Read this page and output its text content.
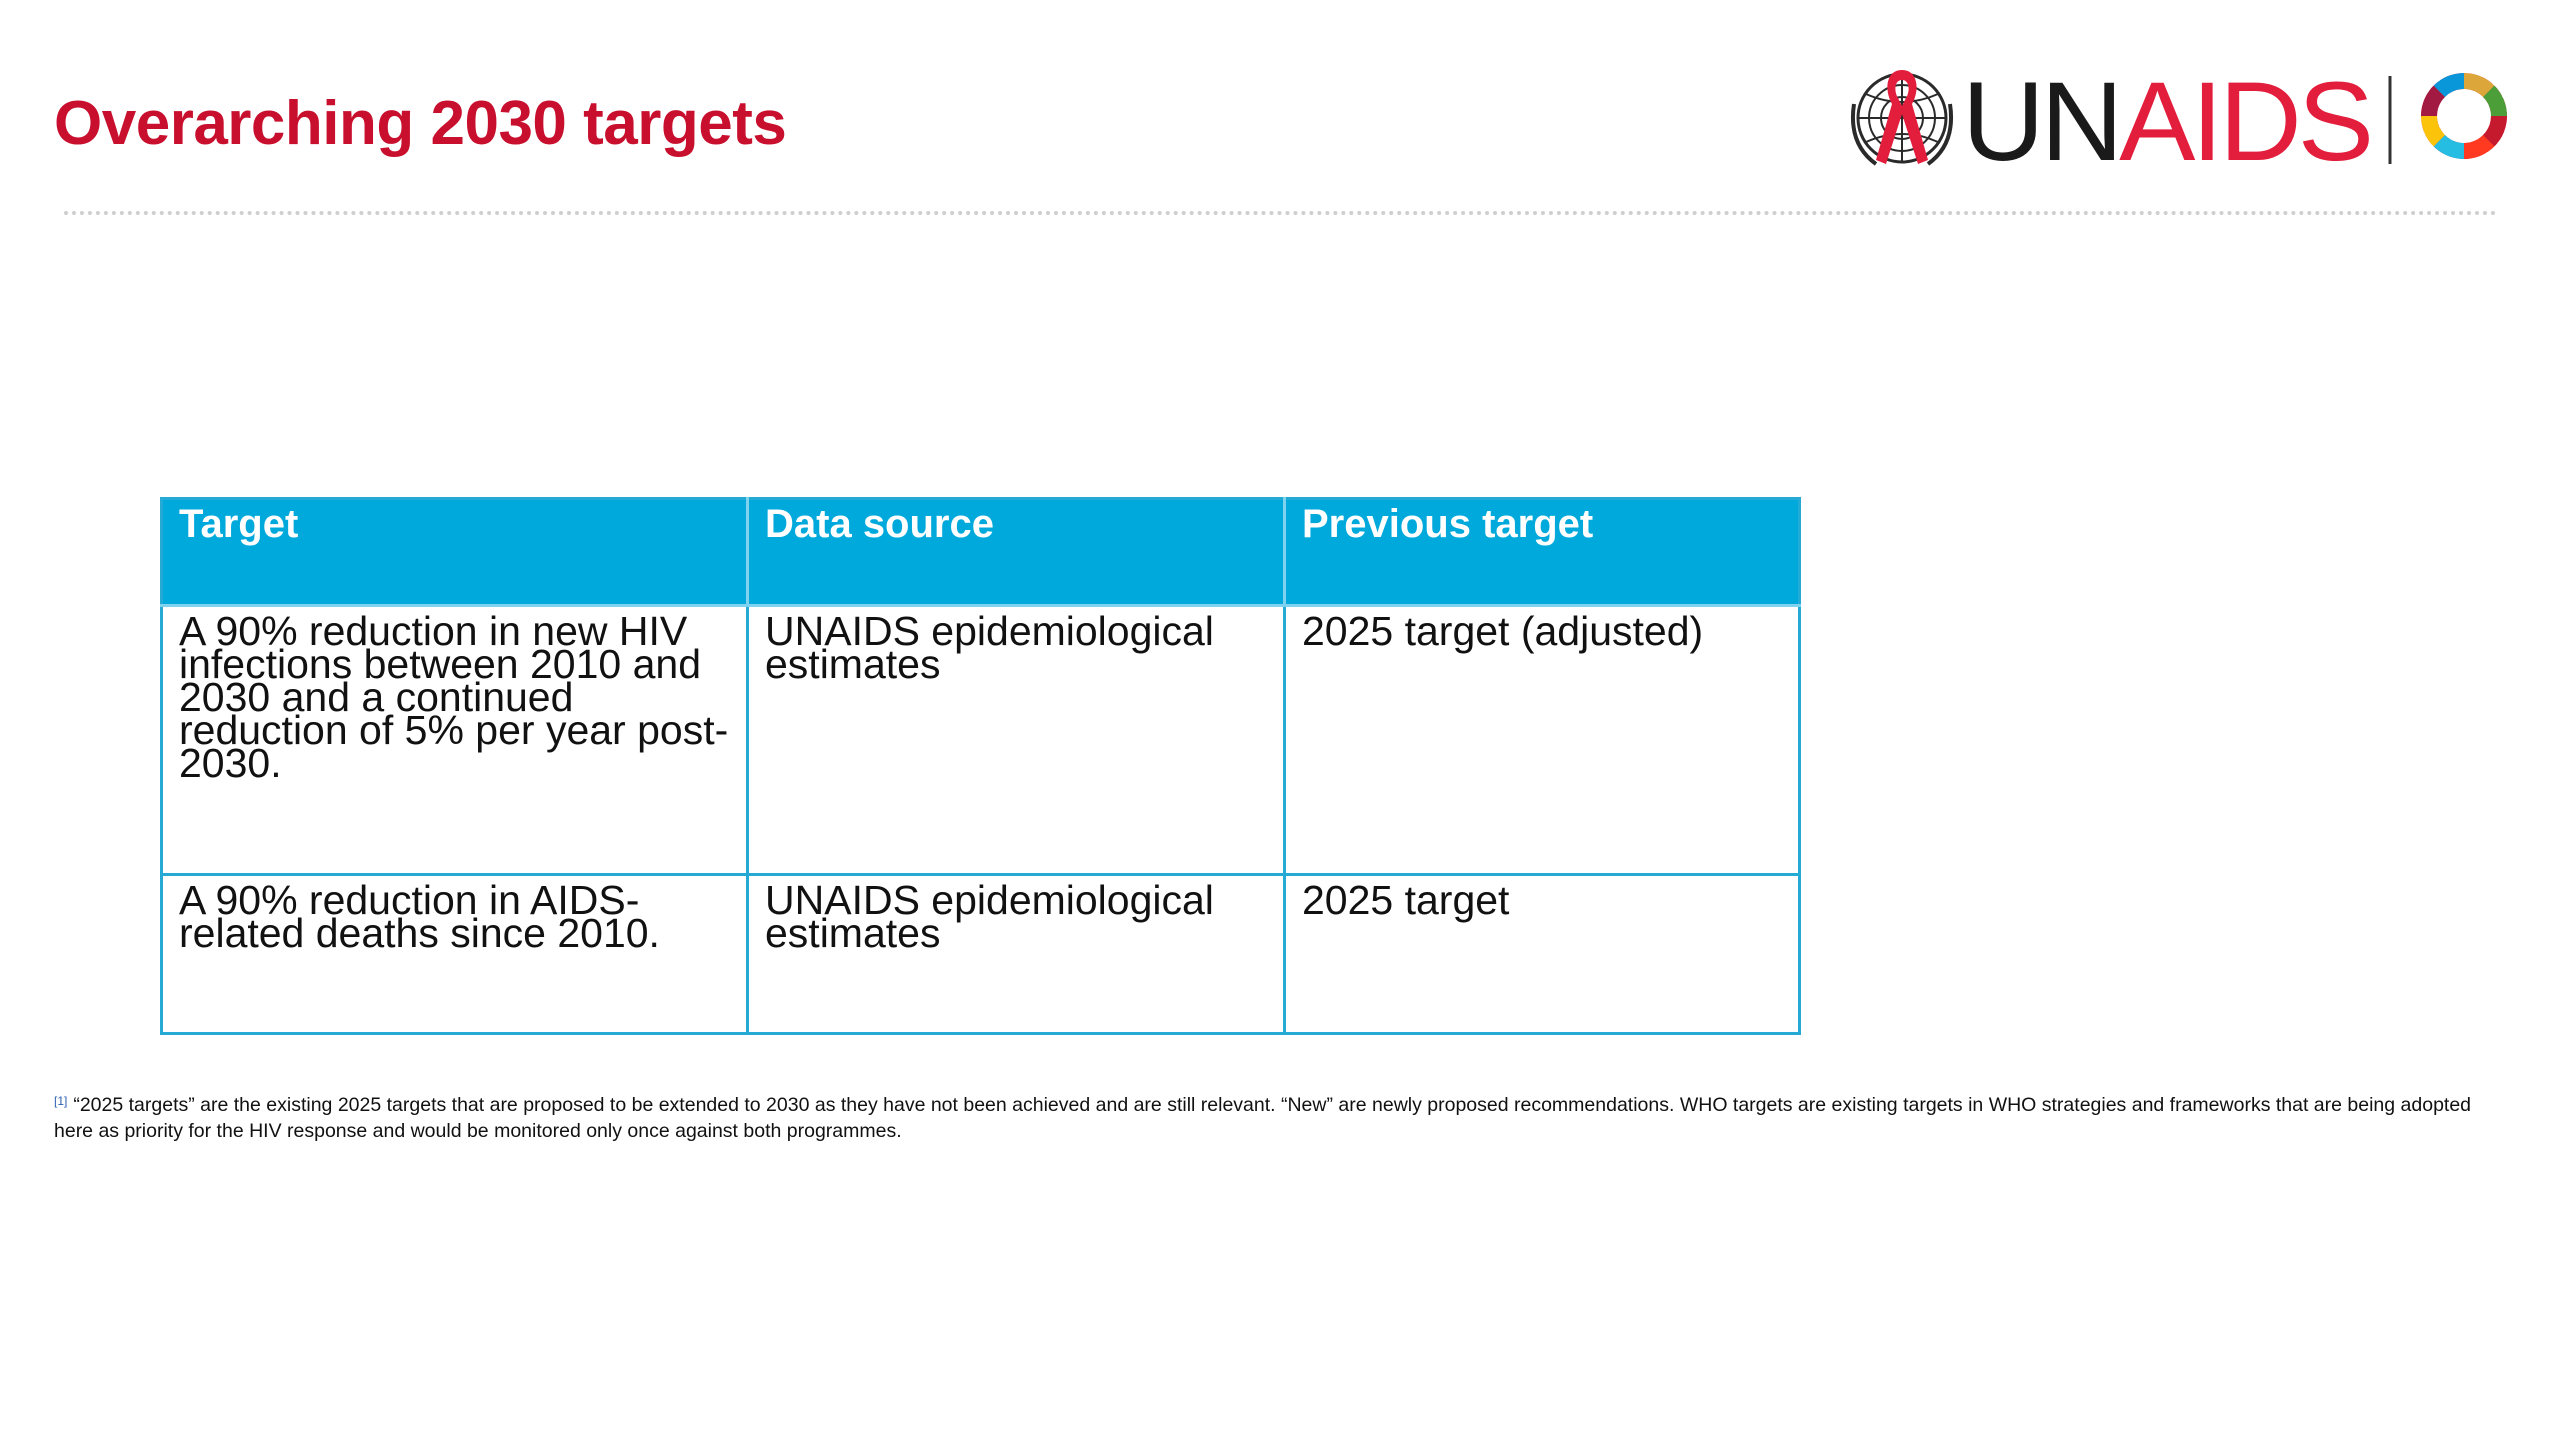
Overarching 2030 targets	UNAIDS
Target	Data source	Previous target
A 90% reduction in new HIV infections between 2010 and 2030 and a continued reduction of 5% per year post-2030.	UNAIDS epidemiological estimates	2025 target (adjusted)
A 90% reduction in AIDS-related deaths since 2010.	UNAIDS epidemiological estimates	2025 target
[1] “2025 targets” are the existing 2025 targets that are proposed to be extended to 2030 as they have not been achieved and are still relevant. “New” are newly proposed recommendations. WHO targets are existing targets in WHO strategies and frameworks that are being adopted here as priority for the HIV response and would be monitored only once against both programmes.
